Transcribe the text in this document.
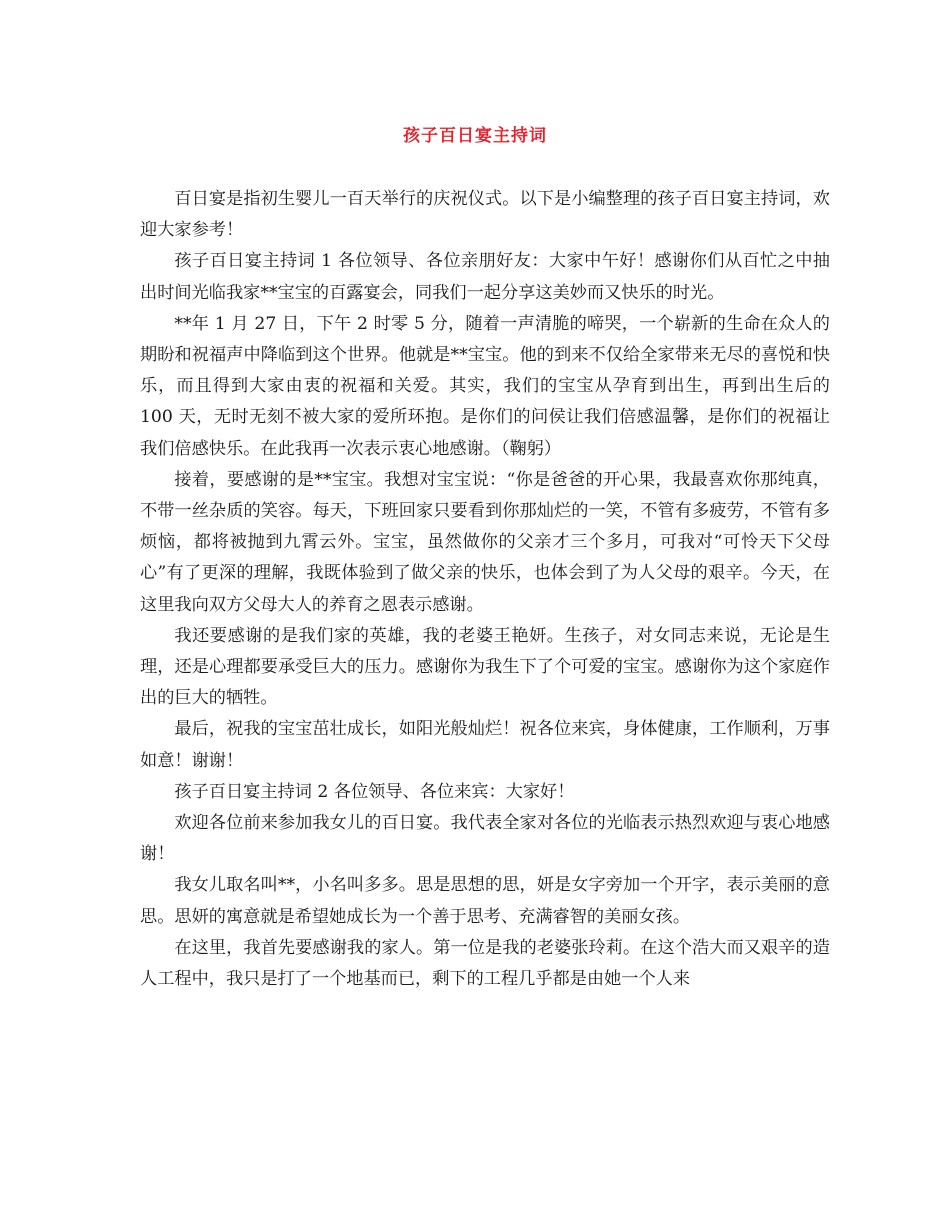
孩子百日宴主持词

百日宴是指初生婴儿一百天举行的庆祝仪式。以下是小编整理的孩子百日宴主持词，欢迎大家参考！

孩子百日宴主持词 1 各位领导、各位亲朋好友：大家中午好！感谢你们从百忙之中抽出时间光临我家**宝宝的百露宴会，同我们一起分享这美妙而又快乐的时光。

**年 1 月 27 日，下午 2 时零 5 分，随着一声清脆的啼哭，一个崭新的生命在众人的期盼和祝福声中降临到这个世界。他就是**宝宝。他的到来不仅给全家带来无尽的喜悦和快乐，而且得到大家由衷的祝福和关爱。其实，我们的宝宝从孕育到出生，再到出生后的 100 天，无时无刻不被大家的爱所环抱。是你们的问侯让我们倍感温馨，是你们的祝福让我们倍感快乐。在此我再一次表示衷心地感谢。（鞠躬）

接着，要感谢的是**宝宝。我想对宝宝说：“你是爸爸的开心果，我最喜欢你那纯真，不带一丝杂质的笑容。每天，下班回家只要看到你那灿烂的一笑，不管有多疲劳，不管有多烦恼，都将被抛到九霄云外。宝宝，虽然做你的父亲才三个多月，可我对“可怜天下父母心”有了更深的理解，我既体验到了做父亲的快乐，也体会到了为人父母的艰辛。今天，在这里我向双方父母大人的养育之恩表示感谢。

我还要感谢的是我们家的英雄，我的老婆王艳妍。生孩子，对女同志来说，无论是生理，还是心理都要承受巨大的压力。感谢你为我生下了个可爱的宝宝。感谢你为这个家庭作出的巨大的牺牲。

最后，祝我的宝宝茁壮成长，如阳光般灿烂！祝各位来宾，身体健康，工作顺利，万事如意！谢谢！

孩子百日宴主持词 2 各位领导、各位来宾：大家好！

欢迎各位前来参加我女儿的百日宴。我代表全家对各位的光临表示热烈欢迎与衷心地感谢！

我女儿取名叫**，小名叫多多。思是思想的思，妍是女字旁加一个开字，表示美丽的意思。思妍的寓意就是希望她成长为一个善于思考、充满睿智的美丽女孩。

在这里，我首先要感谢我的家人。第一位是我的老婆张玲莉。在这个浩大而又艰辛的造人工程中，我只是打了一个地基而已，剩下的工程几乎都是由她一个人来
